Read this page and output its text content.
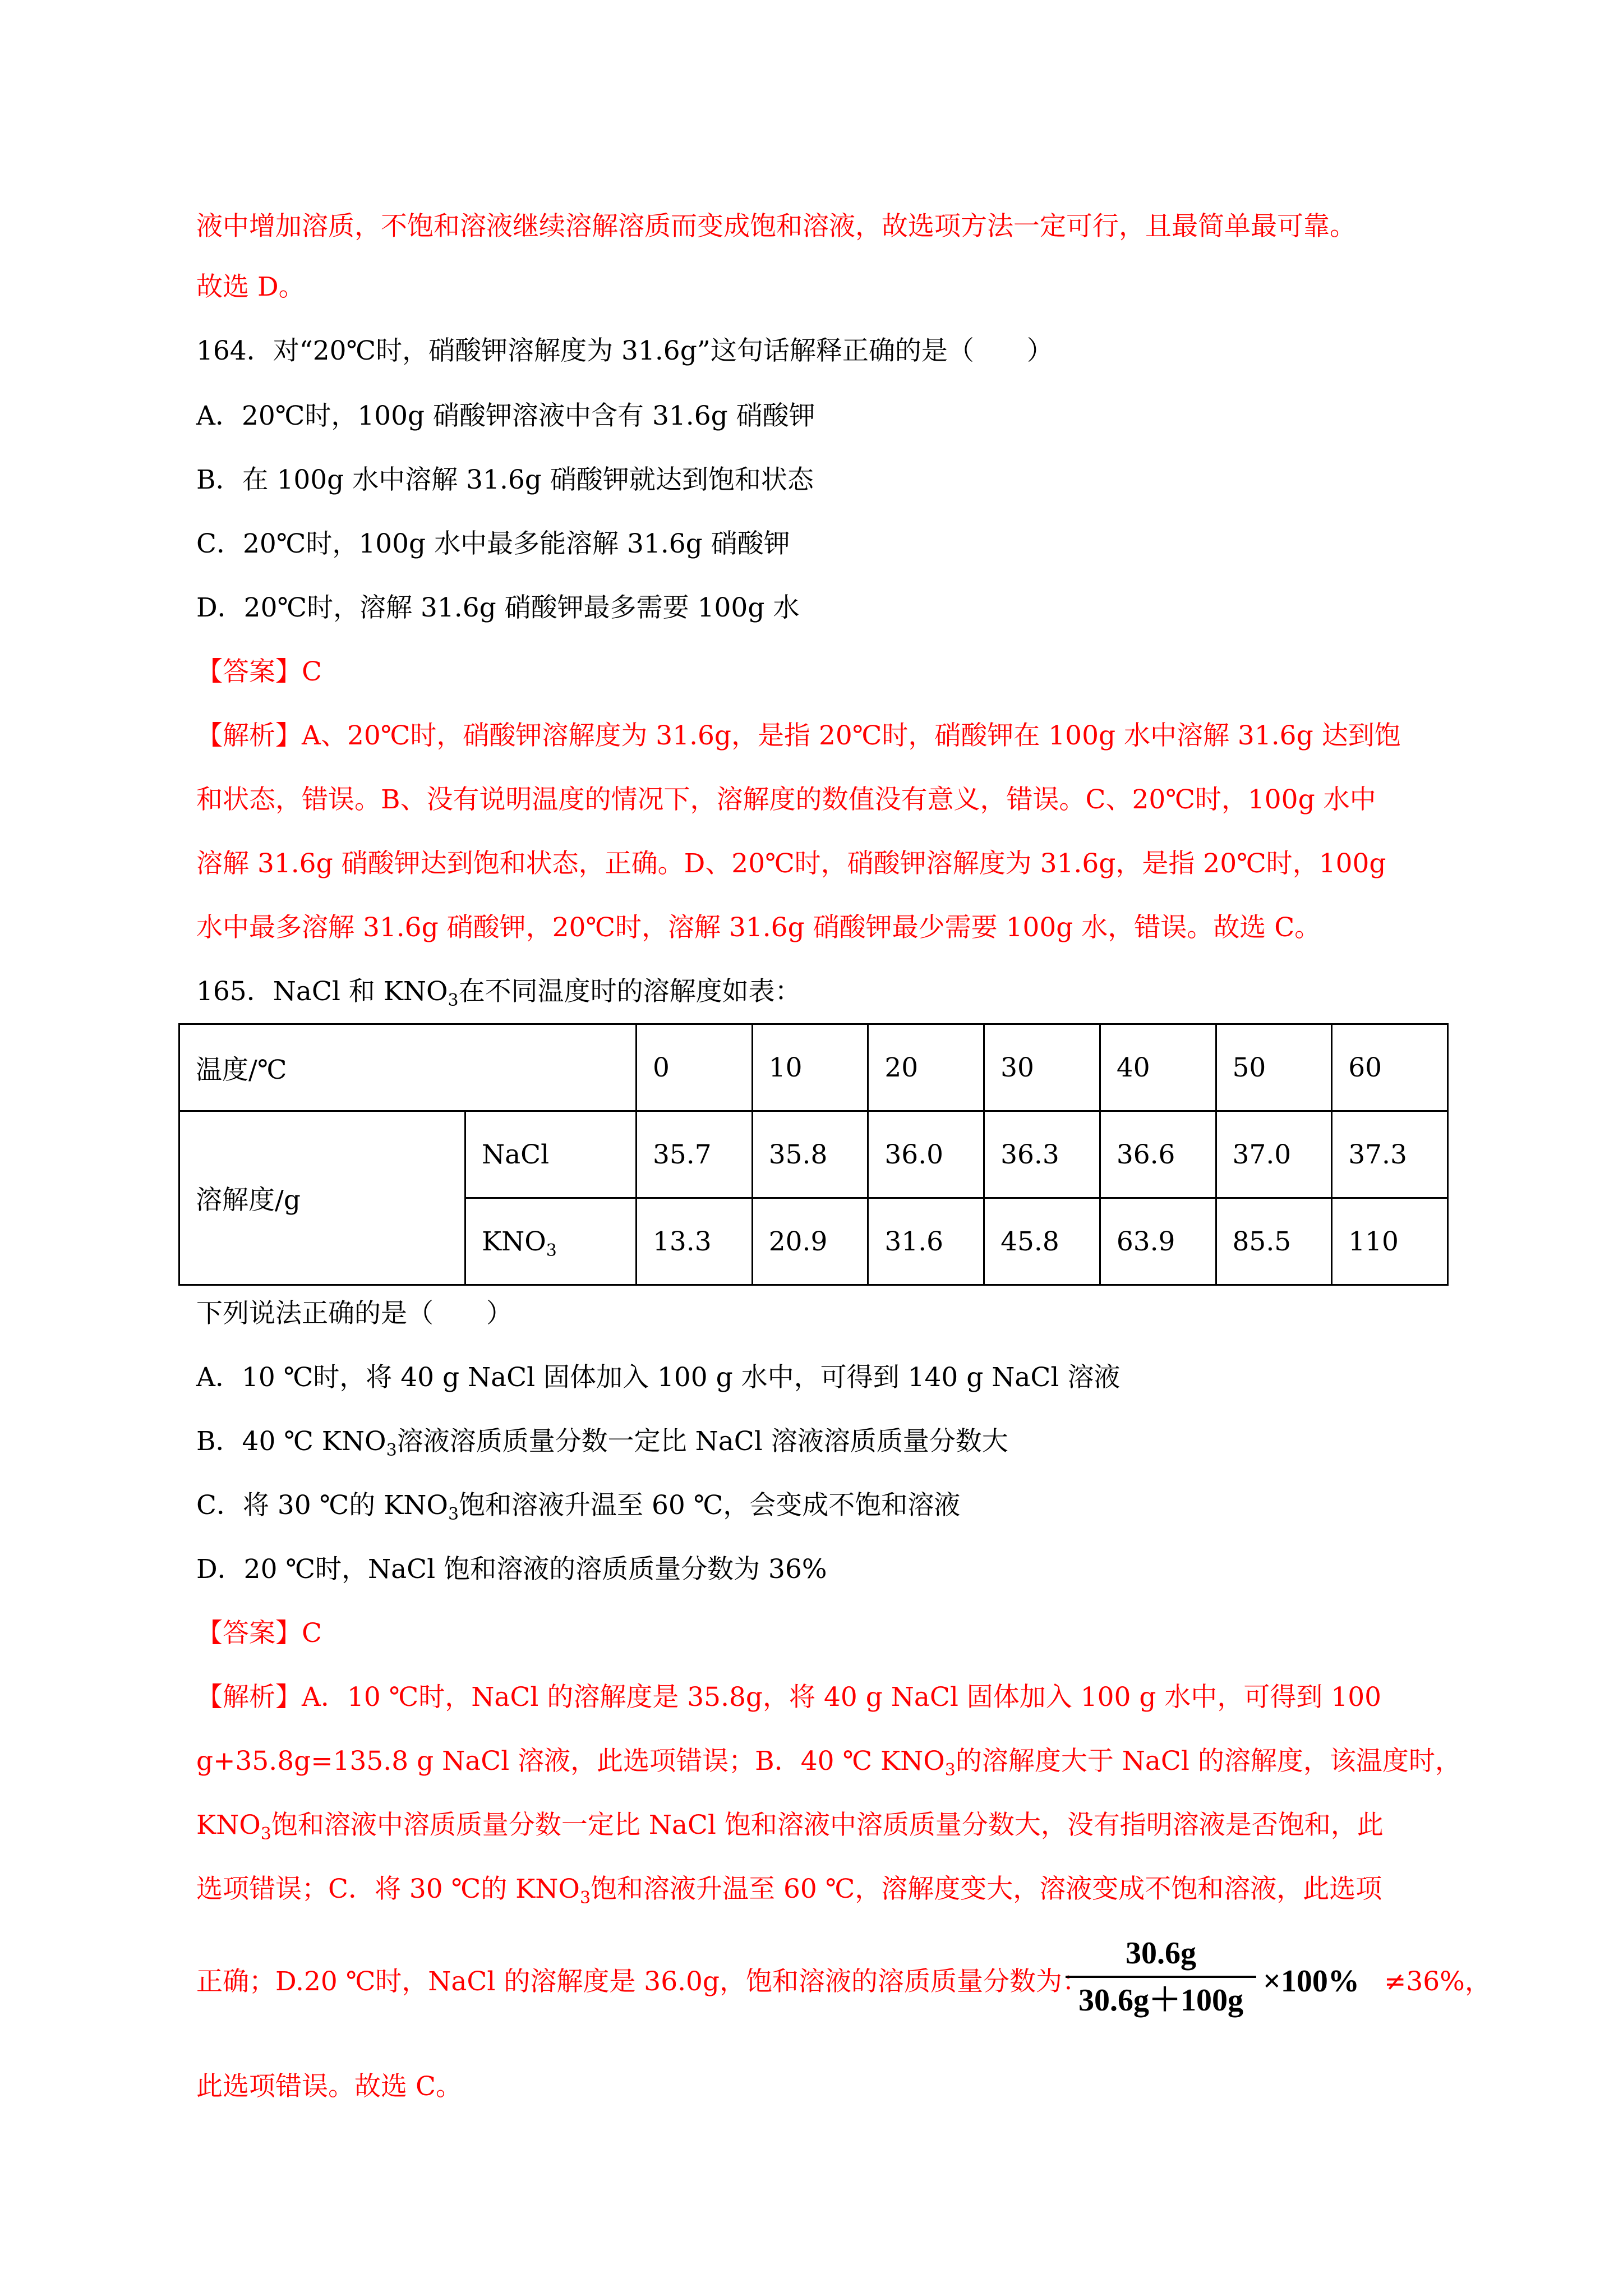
液中增加溶质，不饱和溶液继续溶解溶质而变成饱和溶液，故选项方法一定可行，且最简单最可靠。
故选 D。
164．对“20℃时，硝酸钾溶解度为 31.6g”这句话解释正确的是（　　）
A．20℃时，100g 硝酸钾溶液中含有 31.6g 硝酸钾
B．在 100g 水中溶解 31.6g 硝酸钾就达到饱和状态
C．20℃时，100g 水中最多能溶解 31.6g 硝酸钾
D．20℃时，溶解 31.6g 硝酸钾最多需要 100g 水
【答案】C
【解析】A、20℃时，硝酸钾溶解度为 31.6g，是指 20℃时，硝酸钾在 100g 水中溶解 31.6g 达到饱
和状态，错误。B、没有说明温度的情况下，溶解度的数值没有意义，错误。C、20℃时，100g 水中
溶解 31.6g 硝酸钾达到饱和状态，正确。D、20℃时，硝酸钾溶解度为 31.6g，是指 20℃时，100g
水中最多溶解 31.6g 硝酸钾，20℃时，溶解 31.6g 硝酸钾最少需要 100g 水，错误。故选 C。
165．NaCl 和 $KNO_3$在不同温度时的溶解度如表：
温度/℃		0	10	20	30	40	50	60
溶解度/g	NaCl	35.7	35.8	36.0	36.3	36.6	37.0	37.3
	$KNO_3$	13.3	20.9	31.6	45.8	63.9	85.5	110
下列说法正确的是（　　）
A．10 ℃时，将 40 g NaCl 固体加入 100 g 水中，可得到 140 g NaCl 溶液
B．40 ℃ $KNO_3$溶液溶质质量分数一定比 NaCl 溶液溶质质量分数大
C．将 30 ℃的 $KNO_3$饱和溶液升温至 60 ℃，会变成不饱和溶液
D．20 ℃时，NaCl 饱和溶液的溶质质量分数为 36%
【答案】C
【解析】A．10 ℃时，NaCl 的溶解度是 35.8g，将 40 g NaCl 固体加入 100 g 水中，可得到 100
g+35.8g=135.8 g NaCl 溶液，此选项错误；B．40 ℃ $KNO_3$的溶解度大于 NaCl 的溶解度，该温度时，
$KNO_3$饱和溶液中溶质质量分数一定比 NaCl 饱和溶液中溶质质量分数大，没有指明溶液是否饱和，此
选项错误；C．将 30 ℃的 $KNO_3$饱和溶液升温至 60 ℃，溶解度变大，溶液变成不饱和溶液，此选项
正确；D.20 ℃时，NaCl 的溶解度是 36.0g，饱和溶液的溶质质量分数为：
30.6g
30.6g＋100g
×100% ≠36%，
此选项错误。故选 C。
